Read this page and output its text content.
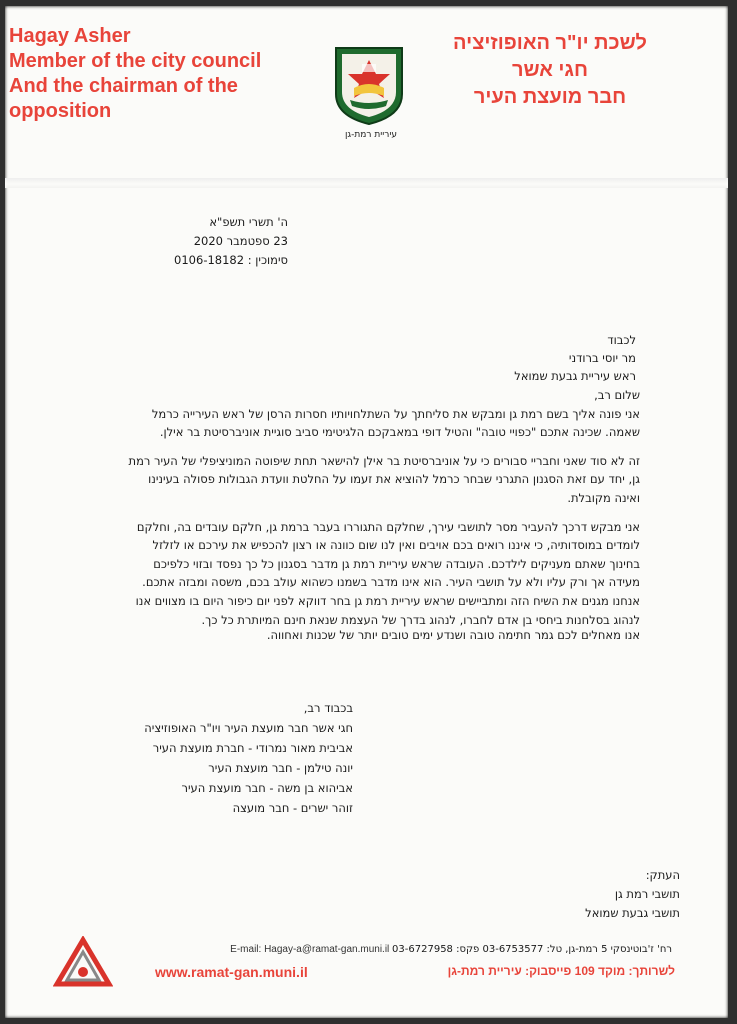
Hagay Asher
Member of the city council
And the chairman of the
opposition
עיריית רמת-גן
לשכת יו"ר האופוזיציה
חגי אשר
חבר מועצת העיר
ה' תשרי תשפ"א
23 ספטמבר 2020
סימוכין : 0106-18182
לכבוד
מר יוסי ברודני
ראש עיריית גבעת שמואל

שלום רב,

אני פונה אליך בשם רמת גן ומבקש את סליחתך על השתלחויותיו חסרות הרסן של ראש העירייה כרמל שאמה. שכינה אתכם "כפויי טובה" והטיל דופי במאבקכם הלגיטימי סביב סוגיית אוניברסיטת בר אילן.

זה לא סוד שאני וחבריי סבורים כי על אוניברסיטת בר אילן להישאר תחת שיפוטה המוניציפלי של העיר רמת גן, יחד עם זאת הסגנון התגרני שבחר כרמל להוציא את זעמו על החלטת וועדת הגבולות פסולה בעינינו ואינה מקובלת.

אני מבקש דרכך להעביר מסר לתושבי עירך, שחלקם התגוררו בעבר ברמת גן, חלקם עובדים בה, וחלקם לומדים במוסדותיה, כי איננו רואים בכם אויבים ואין לנו שום כוונה או רצון להכפיש את עירכם או לזלזל בחינוך שאתם מעניקים לילדכם. העובדה שראש עיריית רמת גן מדבר בסגנון כל כך נפסד ובזוי כלפיכם מעידה אך ורק עליו ולא על תושבי העיר. הוא אינו מדבר בשמנו כשהוא עולב בכם, משסה ומבזה אתכם. אנחנו מגנים את השיח הזה ומתביישים שראש עיריית רמת גן בחר דווקא לפני יום כיפור היום בו מצווים אנו לנהוג בסלחנות ביחסי בן אדם לחברו, לנהוג בדרך של העצמת שנאת חינם המיותרת כל כך.

אנו מאחלים לכם גמר חתימה טובה ושנדע ימים טובים יותר של שכנות ואחווה.
בכבוד רב,
חגי אשר חבר מועצת העיר ויו"ר האופוזיציה
אביבית מאור נמרודי - חברת מועצת העיר
יונה טילמן - חבר מועצת העיר
אביהוא בן משה - חבר מועצת העיר
זוהר ישרים - חבר מועצה
העתק:
תושבי רמת גן
תושבי גבעת שמואל
E-mail: Hagay-a@ramat-gan.muni.il רח' ז'בוטינסקי 5 רמת-גן, טל: 03-6753577 פקס: 03-6727958
www.ramat-gan.muni.il	לשרותך: מוקד 109 פייסבוק: עיריית רמת-גן
